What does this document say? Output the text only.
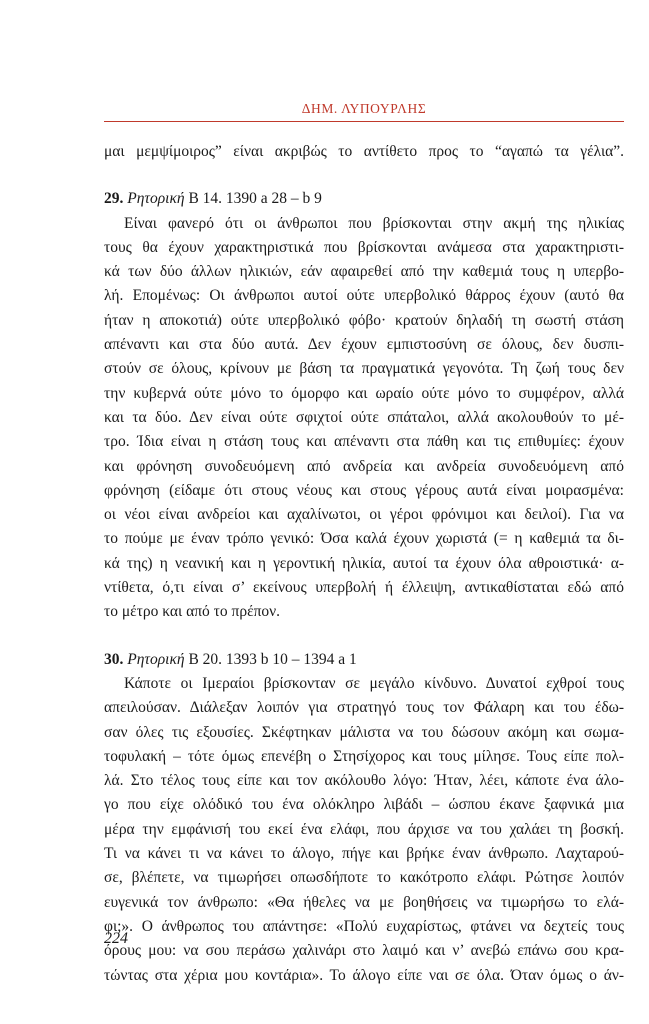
ΔΗΜ. ΛΥΠΟΥΡΛΗΣ
μαι μεμψίμοιρος” είναι ακριβώς το αντίθετο προς το “αγαπώ τα γέλια”.
29. Ρητορική Β 14. 1390 a 28 – b 9
Είναι φανερό ότι οι άνθρωποι που βρίσκονται στην ακμή της ηλικίας
τους θα έχουν χαρακτηριστικά που βρίσκονται ανάμεσα στα χαρακτηριστι-
κά των δύο άλλων ηλικιών, εάν αφαιρεθεί από την καθεμιά τους η υπερβο-
λή. Επομένως: Οι άνθρωποι αυτοί ούτε υπερβολικό θάρρος έχουν (αυτό θα
ήταν η αποκοτιά) ούτε υπερβολικό φόβο· κρατούν δηλαδή τη σωστή στάση
απέναντι και στα δύο αυτά. Δεν έχουν εμπιστοσύνη σε όλους, δεν δυσπι-
στούν σε όλους, κρίνουν με βάση τα πραγματικά γεγονότα. Τη ζωή τους δεν
την κυβερνά ούτε μόνο το όμορφο και ωραίο ούτε μόνο το συμφέρον, αλλά
και τα δύο. Δεν είναι ούτε σφιχτοί ούτε σπάταλοι, αλλά ακολουθούν το μέ-
τρο. Ίδια είναι η στάση τους και απέναντι στα πάθη και τις επιθυμίες: έχουν
και φρόνηση συνοδευόμενη από ανδρεία και ανδρεία συνοδευόμενη από
φρόνηση (είδαμε ότι στους νέους και στους γέρους αυτά είναι μοιρασμένα:
οι νέοι είναι ανδρείοι και αχαλίνωτοι, οι γέροι φρόνιμοι και δειλοί). Για να
το πούμε με έναν τρόπο γενικό: Όσα καλά έχουν χωριστά (= η καθεμιά τα δι-
κά της) η νεανική και η γεροντική ηλικία, αυτοί τα έχουν όλα αθροιστικά· α-
ντίθετα, ό,τι είναι σ’ εκείνους υπερβολή ή έλλειψη, αντικαθίσταται εδώ από
το μέτρο και από το πρέπον.
30. Ρητορική Β 20. 1393 b 10 – 1394 a 1
Κάποτε οι Ιμεραίοι βρίσκονταν σε μεγάλο κίνδυνο. Δυνατοί εχθροί τους
απειλούσαν. Διάλεξαν λοιπόν για στρατηγό τους τον Φάλαρη και του έδω-
σαν όλες τις εξουσίες. Σκέφτηκαν μάλιστα να του δώσουν ακόμη και σωμα-
τοφυλακή – τότε όμως επενέβη ο Στησίχορος και τους μίλησε. Τους είπε πολ-
λά. Στο τέλος τους είπε και τον ακόλουθο λόγο: Ήταν, λέει, κάποτε ένα άλο-
γο που είχε ολόδικό του ένα ολόκληρο λιβάδι – ώσπου έκανε ξαφνικά μια
μέρα την εμφάνισή του εκεί ένα ελάφι, που άρχισε να του χαλάει τη βοσκή.
Τι να κάνει τι να κάνει το άλογο, πήγε και βρήκε έναν άνθρωπο. Λαχταρού-
σε, βλέπετε, να τιμωρήσει οπωσδήποτε το κακότροπο ελάφι. Ρώτησε λοιπόν
ευγενικά τον άνθρωπο: «Θα ήθελες να με βοηθήσεις να τιμωρήσω το ελά-
φι;». Ο άνθρωπος του απάντησε: «Πολύ ευχαρίστως, φτάνει να δεχτείς τους
όρους μου: να σου περάσω χαλινάρι στο λαιμό και ν’ ανεβώ επάνω σου κρα-
τώντας στα χέρια μου κοντάρια». Το άλογο είπε ναι σε όλα. Όταν όμως ο άν-
224
